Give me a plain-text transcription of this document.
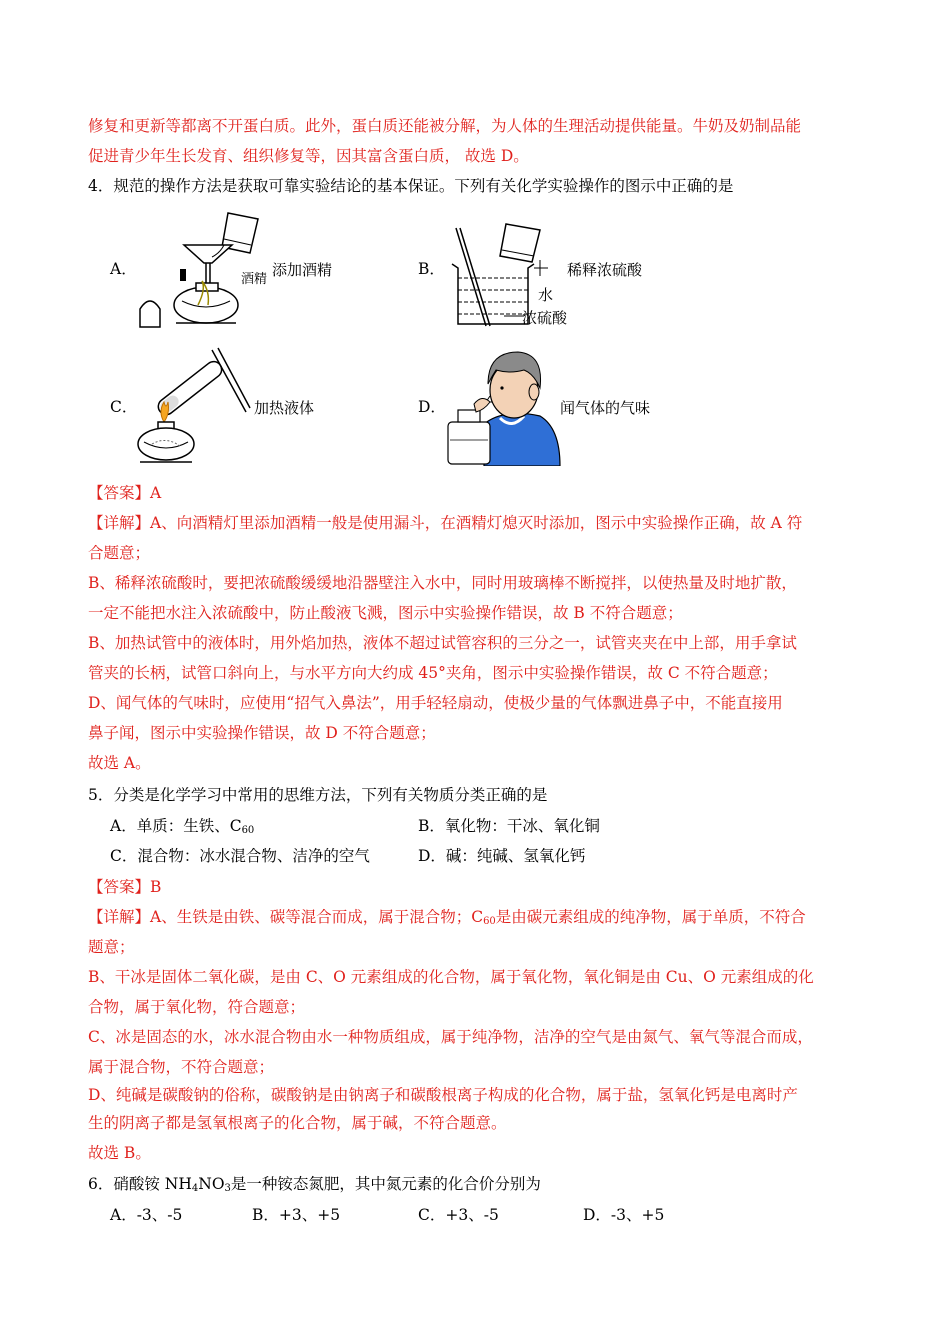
修复和更新等都离不开蛋白质。此外，蛋白质还能被分解，为人体的生理活动提供能量。牛奶及奶制品能
促进青少年生长发育、组织修复等，因其富含蛋白质， 故选 D。
4．规范的操作方法是获取可靠实验结论的基本保证。下列有关化学实验操作的图示中正确的是
A．
酒精
添加酒精	B．	稀释浓硫酸
水
浓硫酸
C．	加热液体	D．	闻气体的气味
【答案】A
【详解】A、向酒精灯里添加酒精一般是使用漏斗，在酒精灯熄灭时添加，图示中实验操作正确，故 A 符
合题意；
B、稀释浓硫酸时，要把浓硫酸缓缓地沿器壁注入水中，同时用玻璃棒不断搅拌，以使热量及时地扩散，
一定不能把水注入浓硫酸中，防止酸液飞溅，图示中实验操作错误，故 B 不符合题意；
B、加热试管中的液体时，用外焰加热，液体不超过试管容积的三分之一，试管夹夹在中上部，用手拿试
管夹的长柄，试管口斜向上，与水平方向大约成 45°夹角，图示中实验操作错误，故 C 不符合题意；
D、闻气体的气味时，应使用“招气入鼻法”，用手轻轻扇动，使极少量的气体飘进鼻子中，不能直接用
鼻子闻，图示中实验操作错误，故 D 不符合题意；
故选 A。
5．分类是化学学习中常用的思维方法，下列有关物质分类正确的是
A．单质：生铁、$C_{60}$	B．氧化物：干冰、氧化铜
C．混合物：冰水混合物、洁净的空气	D．碱：纯碱、氢氧化钙
【答案】B
【详解】A、生铁是由铁、碳等混合而成，属于混合物；$C_{60}$是由碳元素组成的纯净物，属于单质，不符合
题意；
B、干冰是固体二氧化碳，是由 C、O 元素组成的化合物，属于氧化物，氧化铜是由 Cu、O 元素组成的化
合物，属于氧化物，符合题意；
C、冰是固态的水，冰水混合物由水一种物质组成，属于纯净物，洁净的空气是由氮气、氧气等混合而成，
属于混合物，不符合题意；
D、纯碱是碳酸钠的俗称，碳酸钠是由钠离子和碳酸根离子构成的化合物，属于盐，氢氧化钙是电离时产
生的阴离子都是氢氧根离子的化合物，属于碱，不符合题意。
故选 B。
6．硝酸铵 $NH_4NO_3$是一种铵态氮肥，其中氮元素的化合价分别为
A．-3、-5	B．+3、+5	C．+3、-5	D．-3、+5
